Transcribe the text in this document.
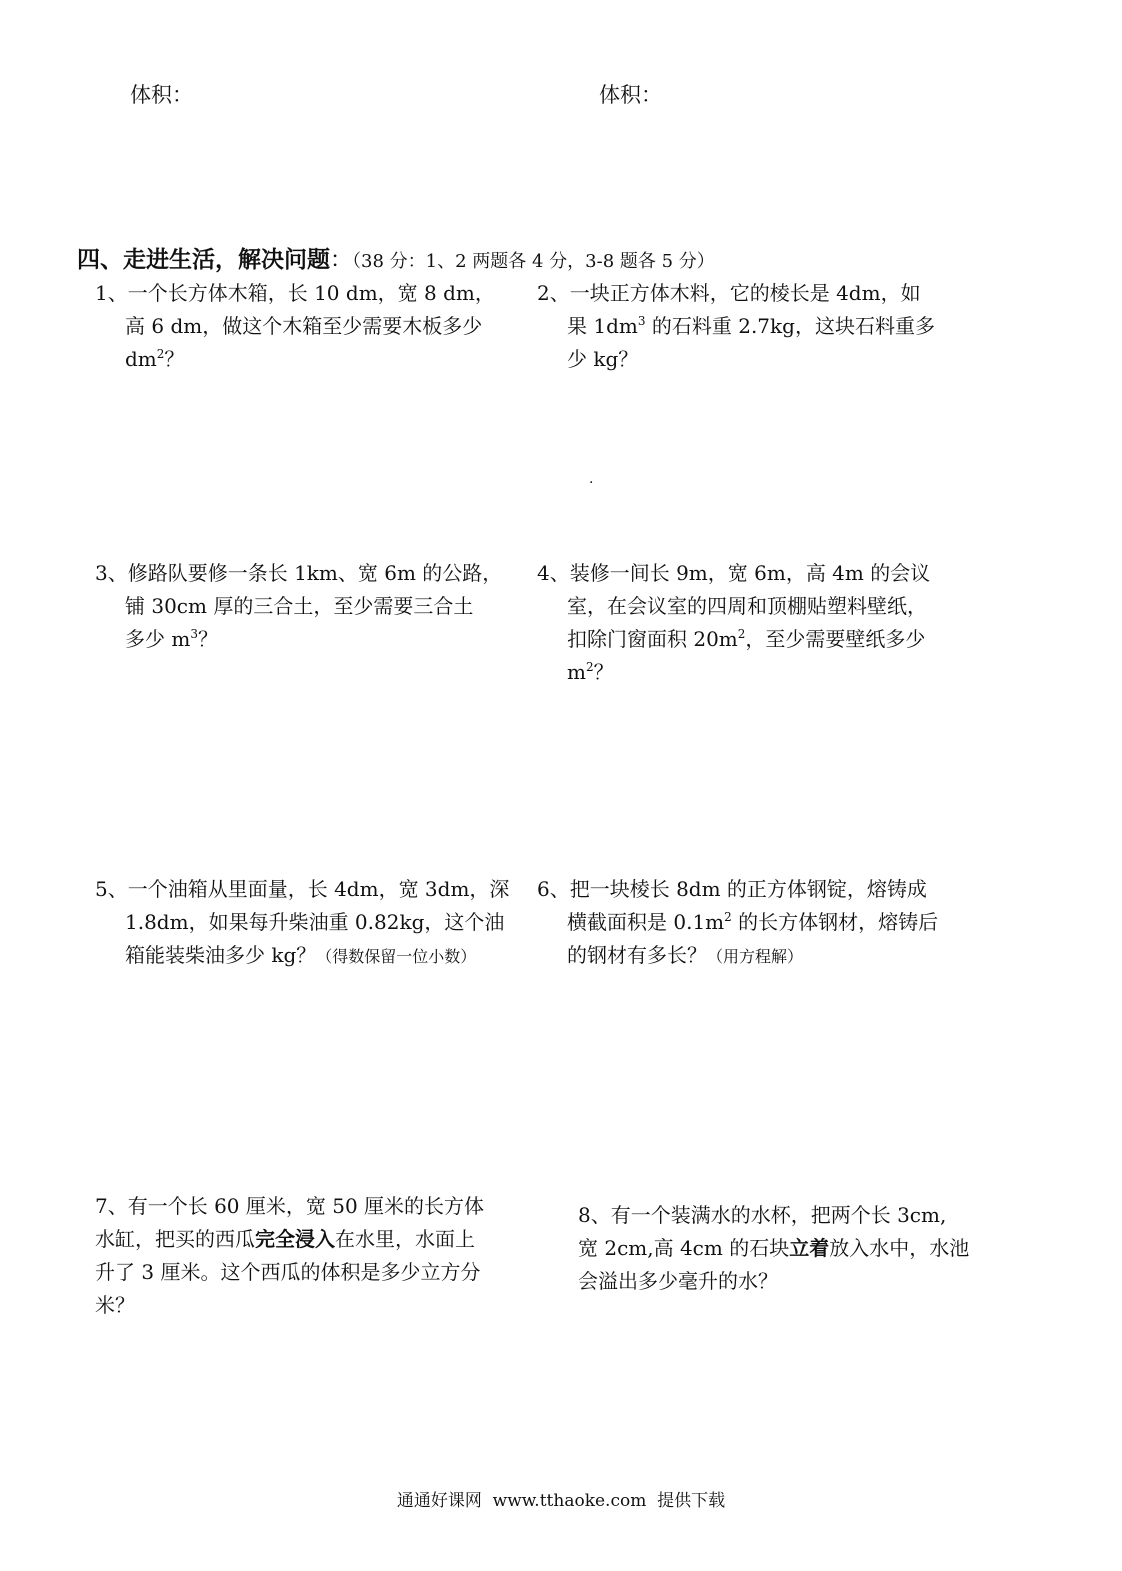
体积：	体积：
四、走进生活，解决问题：（38 分：1、2 两题各 4 分，3-8 题各 5 分）
1、一个长方体木箱，长 10 dm，宽 8 dm，
高 6 dm，做这个木箱至少需要木板多少
$dm^2$？
2、一块正方体木料，它的棱长是 4dm，如
果 $1dm^3$ 的石料重 2.7kg，这块石料重多
少 kg？
·
3、修路队要修一条长 1km、宽 6m 的公路，
铺 30cm 厚的三合土，至少需要三合土
多少 $m^3$？
4、装修一间长 9m，宽 6m，高 4m 的会议
室，在会议室的四周和顶棚贴塑料壁纸，
扣除门窗面积 $20m^2$，至少需要壁纸多少
$m^2$？
5、一个油箱从里面量，长 4dm，宽 3dm，深
1.8dm，如果每升柴油重 0.82kg，这个油
箱能装柴油多少 kg？（得数保留一位小数）
6、把一块棱长 8dm 的正方体钢锭，熔铸成
横截面积是 $0.1m^2$ 的长方体钢材，熔铸后
的钢材有多长？（用方程解）
7、有一个长 60 厘米，宽 50 厘米的长方体
水缸，把买的西瓜完全浸入在水里，水面上
升了 3 厘米。这个西瓜的体积是多少立方分
米？
8、有一个装满水的水杯，把两个长 3cm,
宽 2cm,高 4cm 的石块立着放入水中，水池
会溢出多少毫升的水？
通通好课网  www.tthaoke.com  提供下载
